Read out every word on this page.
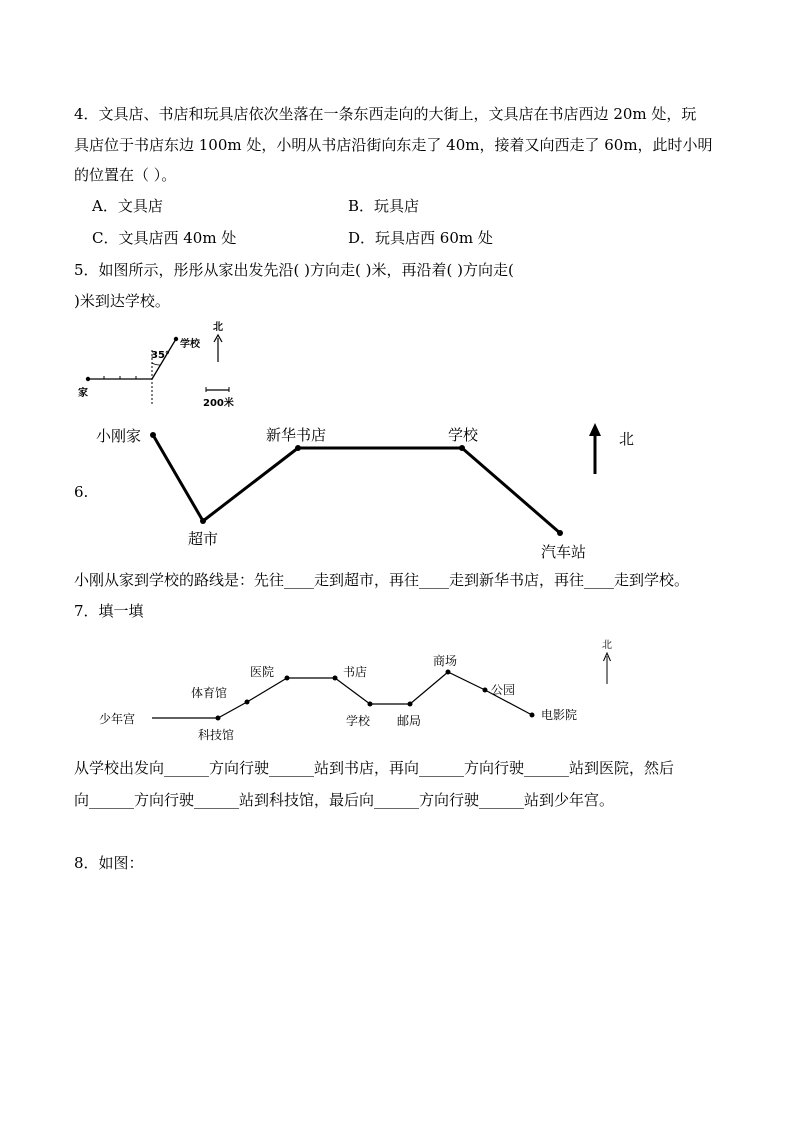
4．文具店、书店和玩具店依次坐落在一条东西走向的大街上，文具店在书店西边 20m 处，玩
具店位于书店东边 100m 处，小明从书店沿街向东走了 40m，接着又向西走了 60m，此时小明
的位置在（ ）。
A．文具店	B．玩具店
C．文具店西 40m 处	D．玩具店西 60m 处
5．如图所示，彤彤从家出发先沿( )方向走( )米，再沿着( )方向走(
)米到达学校。
35°
学校
家
北
200米
小刚家
超市
新华书店	学校
汽车站
北
少年宫
科技馆
体育馆
医院	书店
学校 邮局
商场
公园
电影院
北
6.
小刚从家到学校的路线是：先往____走到超市，再往____走到新华书店，再往____走到学校。
7．填一填
从学校出发向______方向行驶______站到书店，再向______方向行驶______站到医院，然后
向______方向行驶______站到科技馆，最后向______方向行驶______站到少年宫。
8．如图：
